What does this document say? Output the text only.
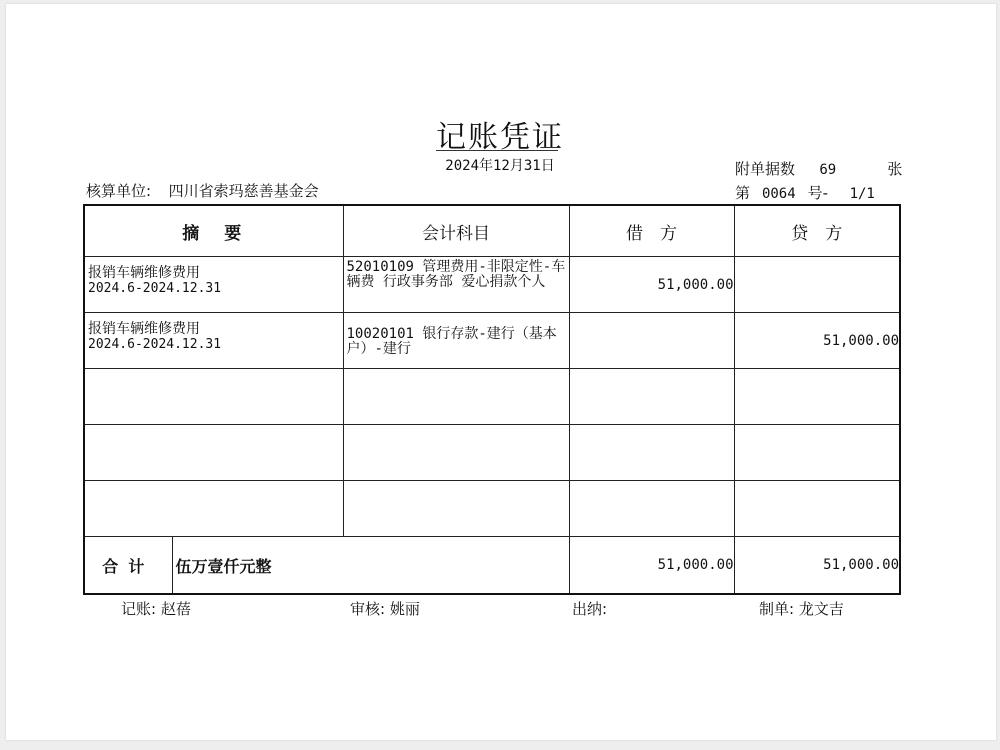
记账凭证
2024年12月31日
核算单位: 四川省索玛慈善基金会
附单据数 69	张
第 0064 号- 1/1
摘　要		会计科目	借　方	贷　方

报销车辆维修费用
2024.6-2024.12.31		52010109 管理费用-非限定性-车辆费 行政事务部 爱心捐款个人	51,000.00	

报销车辆维修费用
2024.6-2024.12.31		10020101 银行存款-建行（基本户）-建行		51,000.00

合计	伍万壹仟元整		51,000.00	51,000.00
记账: 赵蓓	审核: 姚丽	出纳:	制单: 龙文吉
